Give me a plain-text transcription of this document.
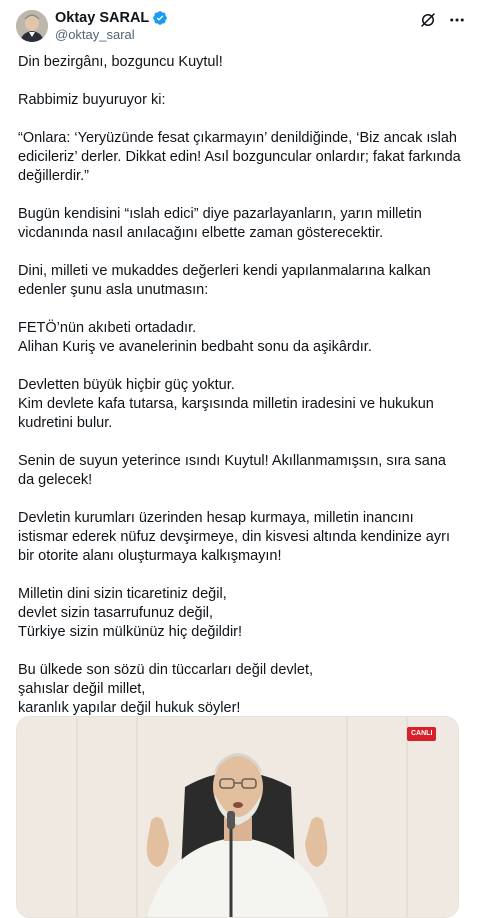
Oktay SARAL
@oktay_saral

Din bezirgânı, bozguncu Kuytul!

Rabbimiz buyuruyor ki:

“Onlara: ‘Yeryüzünde fesat çıkarmayın’ denildiğinde, ‘Biz ancak ıslah edicileriz’ derler. Dikkat edin! Asıl bozguncular onlardır; fakat farkında değillerdir.”

Bugün kendisini “ıslah edici” diye pazarlayanların, yarın milletin vicdanında nasıl anılacağını elbette zaman gösterecektir.

Dini, milleti ve mukaddes değerleri kendi yapılanmalarına kalkan edenler şunu asla unutmasın:

FETÖ’nün akıbeti ortadadır.
Alihan Kuriş ve avanelerinin bedbaht sonu da aşikârdır.

Devletten büyük hiçbir güç yoktur.
Kim devlete kafa tutarsa, karşısında milletin iradesini ve hukukun kudretini bulur.

Senin de suyun yeterince ısındı Kuytul! Akıllanmamışsın, sıra sana da gelecek!

Devletin kurumları üzerinden hesap kurmaya, milletin inancını istismar ederek nüfuz devşirmeye, din kisvesi altında kendinize ayrı bir otorite alanı oluşturmaya kalkışmayın!

Milletin dini sizin ticaretiniz değil,
devlet sizin tasarrufunuz değil,
Türkiye sizin mülkünüz hiç değildir!

Bu ülkede son sözü din tüccarları değil devlet,
şahıslar değil millet,
karanlık yapılar değil hukuk söyler!

CANLI
